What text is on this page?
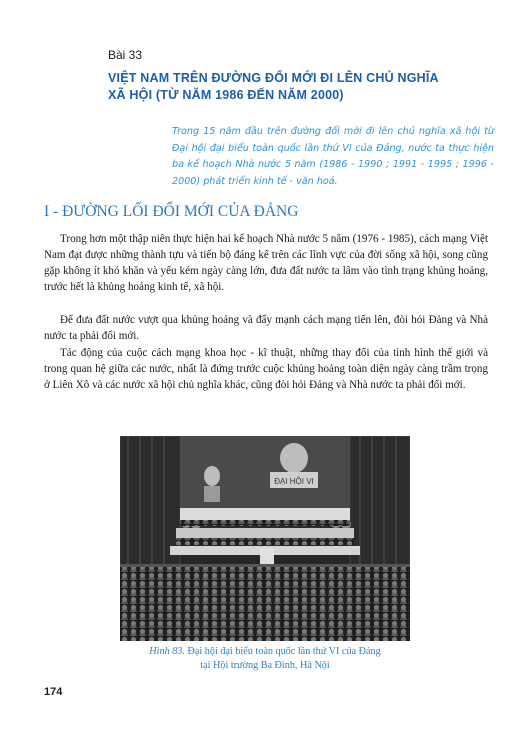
Bài 33
VIỆT NAM TRÊN ĐƯỜNG ĐỔI MỚI ĐI LÊN CHỦ NGHĨA
XÃ HỘI (TỪ NĂM 1986 ĐẾN NĂM 2000)
Trong 15 năm đầu trên đường đổi mới đi lên chủ nghĩa xã hội từ Đại hội đại biểu toàn quốc lần thứ VI của Đảng, nước ta thực hiện ba kế hoạch Nhà nước 5 năm (1986 - 1990 ; 1991 - 1995 ; 1996 - 2000) phát triển kinh tế - văn hoá.
I - ĐƯỜNG LỐI ĐỔI MỚI CỦA ĐẢNG

Trong hơn một thập niên thực hiện hai kế hoạch Nhà nước 5 năm (1976 - 1985), cách mạng Việt Nam đạt được những thành tựu và tiến bộ đáng kể trên các lĩnh vực của đời sống xã hội, song cũng gặp không ít khó khăn và yếu kém ngày càng lớn, đưa đất nước ta lâm vào tình trạng khủng hoảng, trước hết là khủng hoảng kinh tế, xã hội.

Để đưa đất nước vượt qua khủng hoảng và đẩy mạnh cách mạng tiến lên, đòi hỏi Đảng và Nhà nước ta phải đổi mới.

Tác động của cuộc cách mạng khoa học - kĩ thuật, những thay đổi của tình hình thế giới và trong quan hệ giữa các nước, nhất là đứng trước cuộc khủng hoảng toàn diện ngày càng trầm trọng ở Liên Xô và các nước xã hội chủ nghĩa khác, cũng đòi hỏi Đảng và Nhà nước ta phải đổi mới.

ĐẠI HỘI VI
Hình 83. Đại hội đại biểu toàn quốc lần thứ VI của Đảng
tại Hội trường Ba Đình, Hà Nội
174
